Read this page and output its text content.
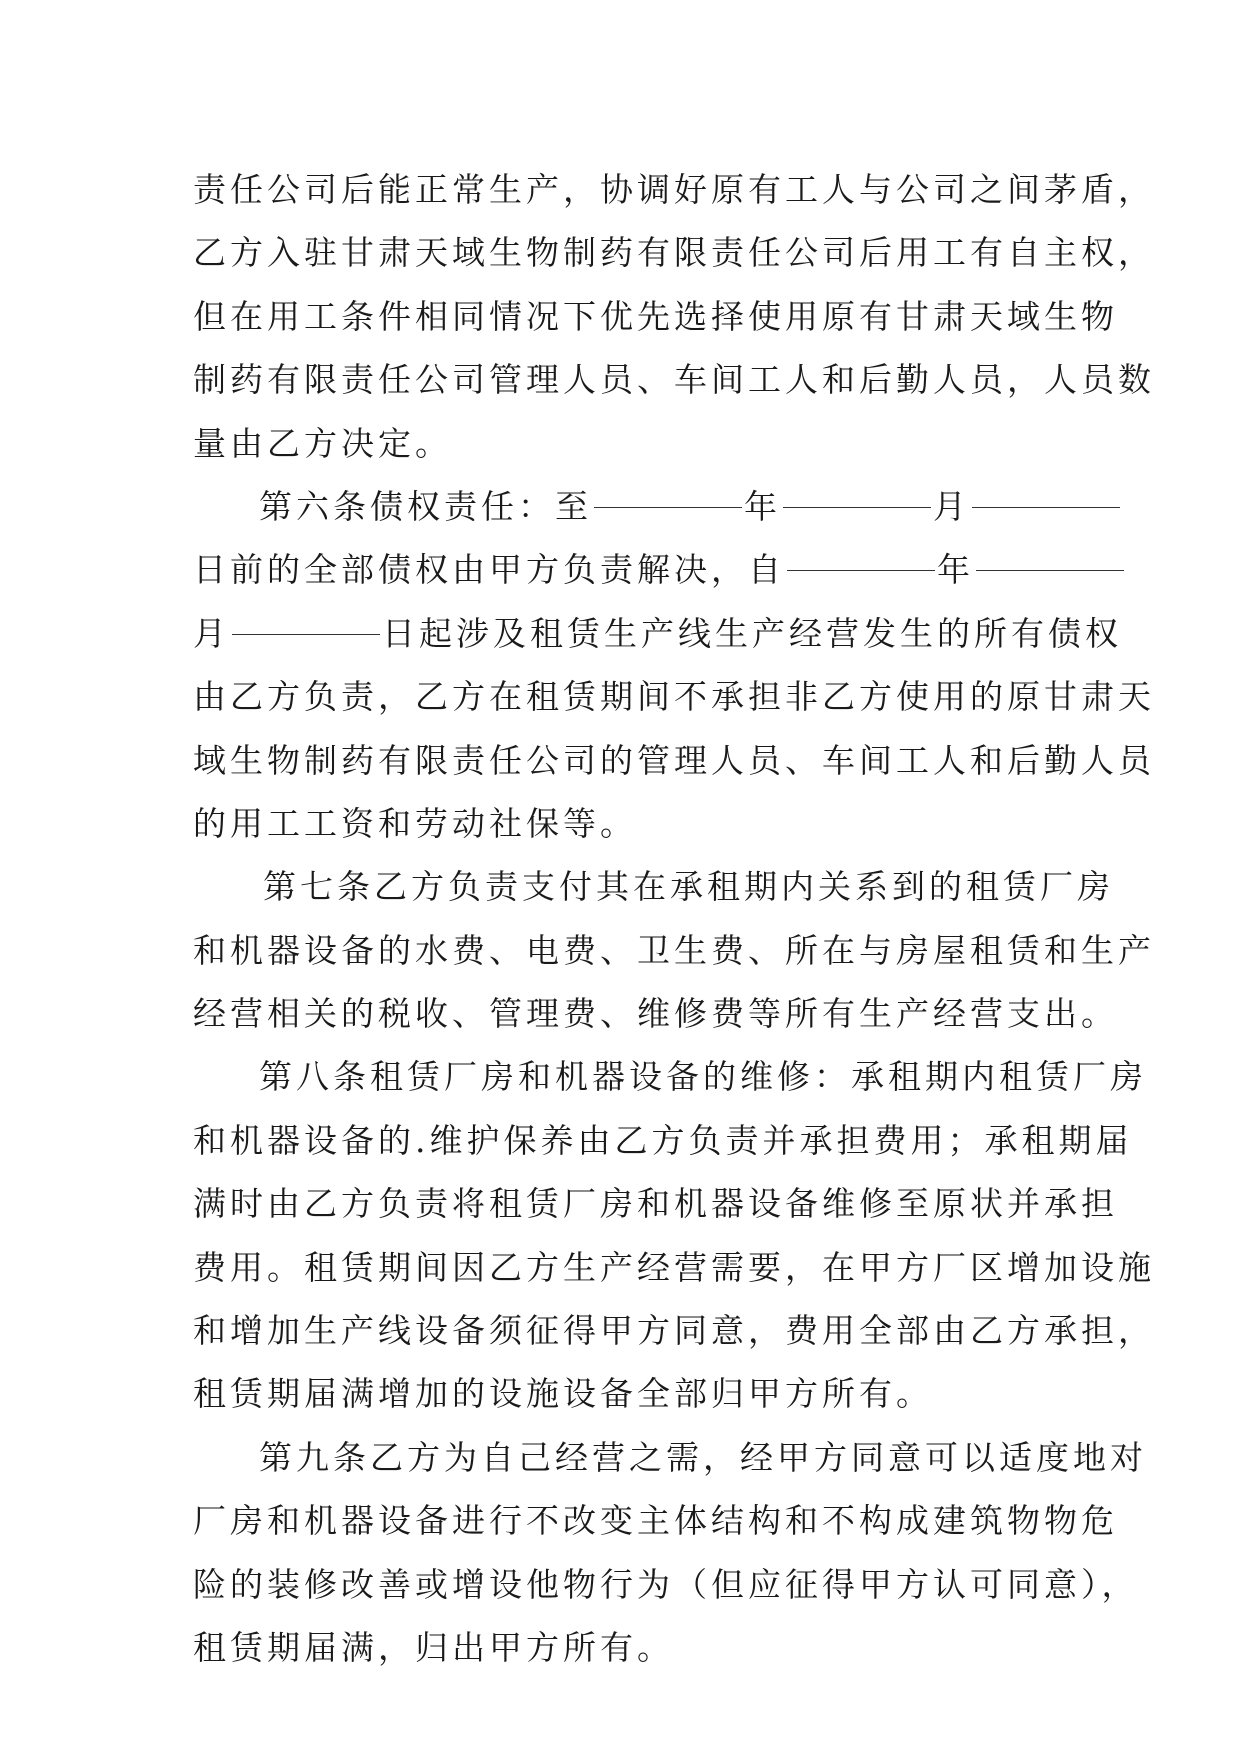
责任公司后能正常生产，协调好原有工人与公司之间茅盾，
乙方入驻甘肃天域生物制药有限责任公司后用工有自主权，
但在用工条件相同情况下优先选择使用原有甘肃天域生物
制药有限责任公司管理人员、车间工人和后勤人员，人员数
量由乙方决定。
第六条债权责任：至	年	月
日前的全部债权由甲方负责解决，自	年
月	日起涉及租赁生产线生产经营发生的所有债权
由乙方负责，乙方在租赁期间不承担非乙方使用的原甘肃天
域生物制药有限责任公司的管理人员、车间工人和后勤人员
的用工工资和劳动社保等。
第七条乙方负责支付其在承租期内关系到的租赁厂房
和机器设备的水费、电费、卫生费、所在与房屋租赁和生产
经营相关的税收、管理费、维修费等所有生产经营支出。
第八条租赁厂房和机器设备的维修：承租期内租赁厂房
和机器设备的.维护保养由乙方负责并承担费用；承租期届
满时由乙方负责将租赁厂房和机器设备维修至原状并承担
费用。租赁期间因乙方生产经营需要，在甲方厂区增加设施
和增加生产线设备须征得甲方同意，费用全部由乙方承担，
租赁期届满增加的设施设备全部归甲方所有。
第九条乙方为自己经营之需，经甲方同意可以适度地对
厂房和机器设备进行不改变主体结构和不构成建筑物物危
险的装修改善或增设他物行为（但应征得甲方认可同意），
租赁期届满，归出甲方所有。
